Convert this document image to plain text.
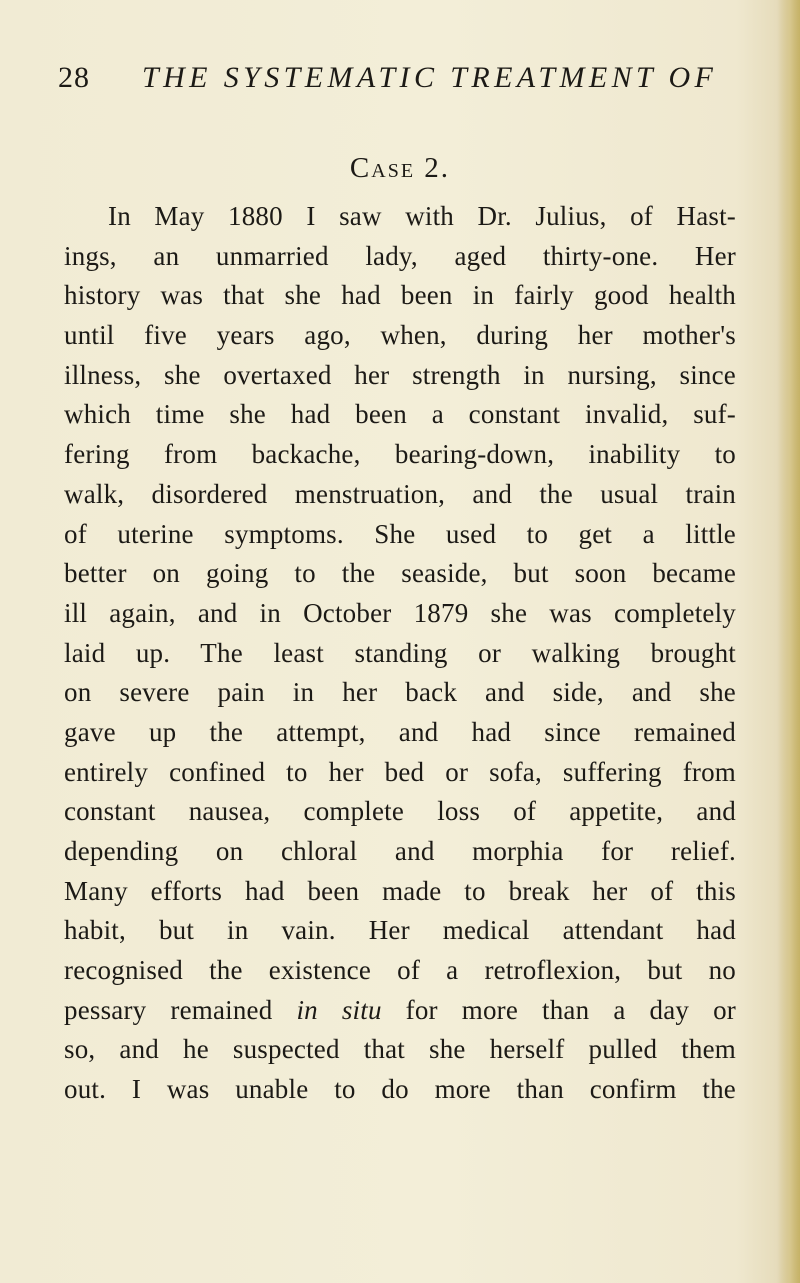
28 THE SYSTEMATIC TREATMENT OF
Case 2.
In May 1880 I saw with Dr. Julius, of Hast-
ings, an unmarried lady, aged thirty-one. Her
history was that she had been in fairly good health
until five years ago, when, during her mother's
illness, she overtaxed her strength in nursing, since
which time she had been a constant invalid, suf-
fering from backache, bearing-down, inability to
walk, disordered menstruation, and the usual train
of uterine symptoms. She used to get a little
better on going to the seaside, but soon became
ill again, and in October 1879 she was completely
laid up. The least standing or walking brought
on severe pain in her back and side, and she
gave up the attempt, and had since remained
entirely confined to her bed or sofa, suffering from
constant nausea, complete loss of appetite, and
depending on chloral and morphia for relief.
Many efforts had been made to break her of this
habit, but in vain. Her medical attendant had
recognised the existence of a retroflexion, but no
pessary remained in situ for more than a day or
so, and he suspected that she herself pulled them
out. I was unable to do more than confirm the
